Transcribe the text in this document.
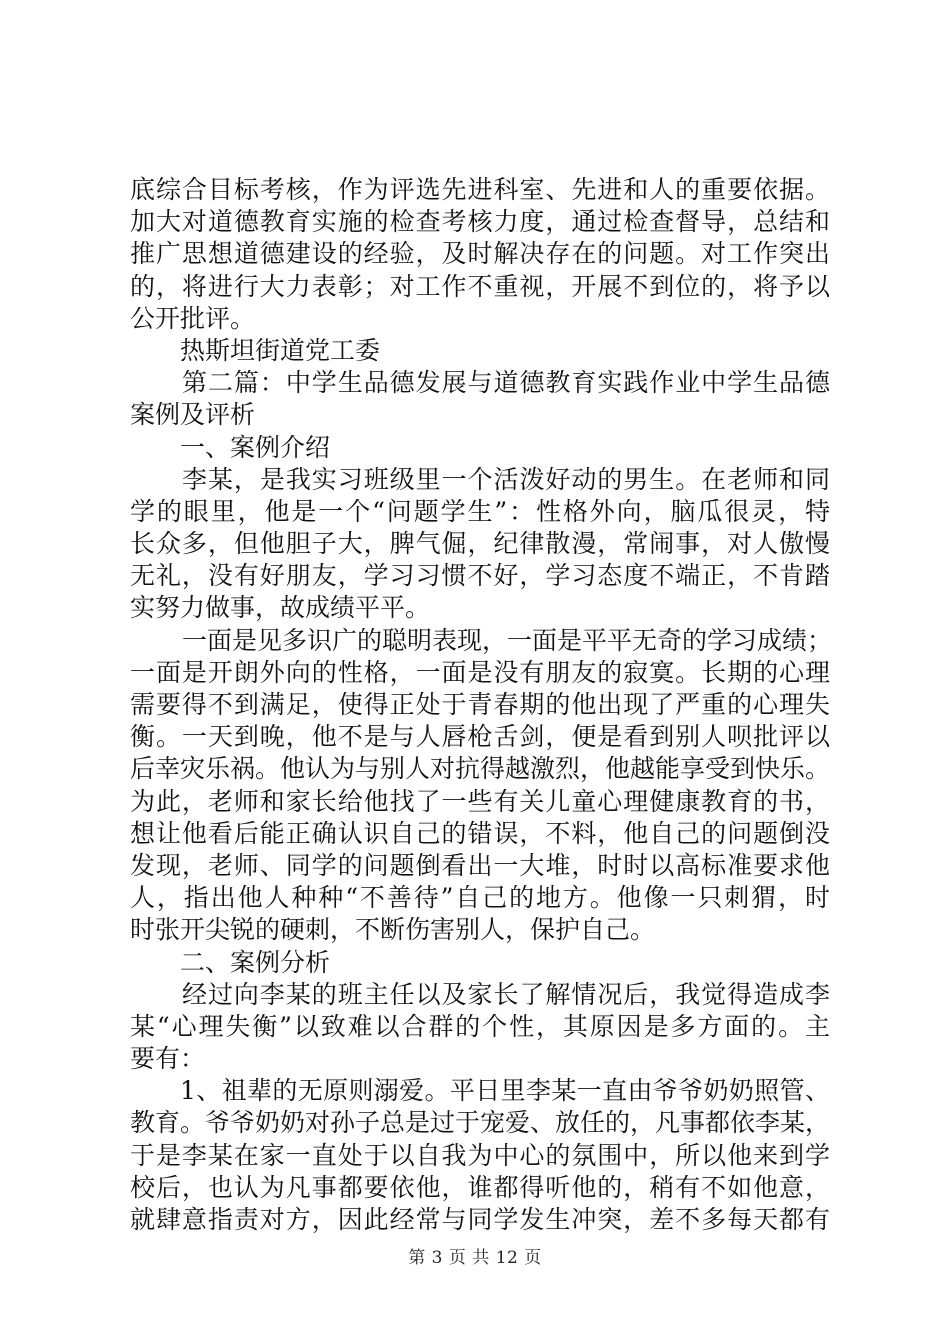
底综合目标考核，作为评选先进科室、先进和人的重要依据。
加大对道德教育实施的检查考核力度，通过检查督导，总结和
推广思想道德建设的经验，及时解决存在的问题。对工作突出
的，将进行大力表彰；对工作不重视，开展不到位的，将予以
公开批评。
热斯坦街道党工委
第二篇：中学生品德发展与道德教育实践作业中学生品德
案例及评析
一、案例介绍
李某，是我实习班级里一个活泼好动的男生。在老师和同
学的眼里，他是一个“问题学生”：性格外向，脑瓜很灵，特
长众多，但他胆子大，脾气倔，纪律散漫，常闹事，对人傲慢
无礼，没有好朋友，学习习惯不好，学习态度不端正，不肯踏
实努力做事，故成绩平平。
一面是见多识广的聪明表现，一面是平平无奇的学习成绩；
一面是开朗外向的性格，一面是没有朋友的寂寞。长期的心理
需要得不到满足，使得正处于青春期的他出现了严重的心理失
衡。一天到晚，他不是与人唇枪舌剑，便是看到别人呗批评以
后幸灾乐祸。他认为与别人对抗得越激烈，他越能享受到快乐。
为此，老师和家长给他找了一些有关儿童心理健康教育的书，
想让他看后能正确认识自己的错误，不料，他自己的问题倒没
发现，老师、同学的问题倒看出一大堆，时时以高标准要求他
人，指出他人种种“不善待”自己的地方。他像一只刺猬，时
时张开尖锐的硬刺，不断伤害别人，保护自己。
二、案例分析
经过向李某的班主任以及家长了解情况后，我觉得造成李
某“心理失衡”以致难以合群的个性，其原因是多方面的。主
要有：
1、祖辈的无原则溺爱。平日里李某一直由爷爷奶奶照管、
教育。爷爷奶奶对孙子总是过于宠爱、放任的，凡事都依李某，
于是李某在家一直处于以自我为中心的氛围中，所以他来到学
校后，也认为凡事都要依他，谁都得听他的，稍有不如他意，
就肆意指责对方，因此经常与同学发生冲突，差不多每天都有
第 3 页 共 12 页
